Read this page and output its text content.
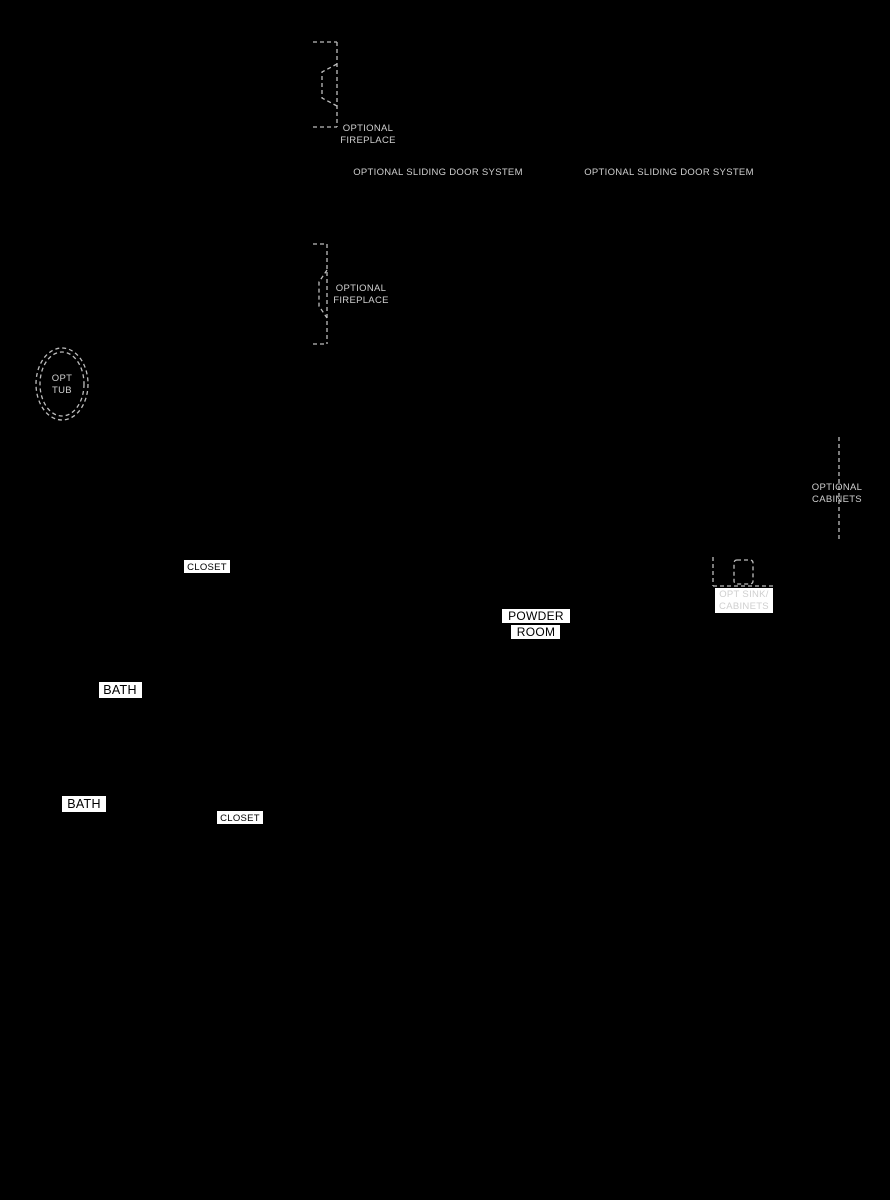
OPTIONAL
FIREPLACE
OPTIONAL SLIDING DOOR SYSTEM	OPTIONAL SLIDING DOOR SYSTEM
OPTIONAL
FIREPLACE
OPT
TUB
OPTIONAL
CABINETS
CLOSET
OPT SINK/
CABINETS
POWDER
ROOM
BATH
BATH
CLOSET
